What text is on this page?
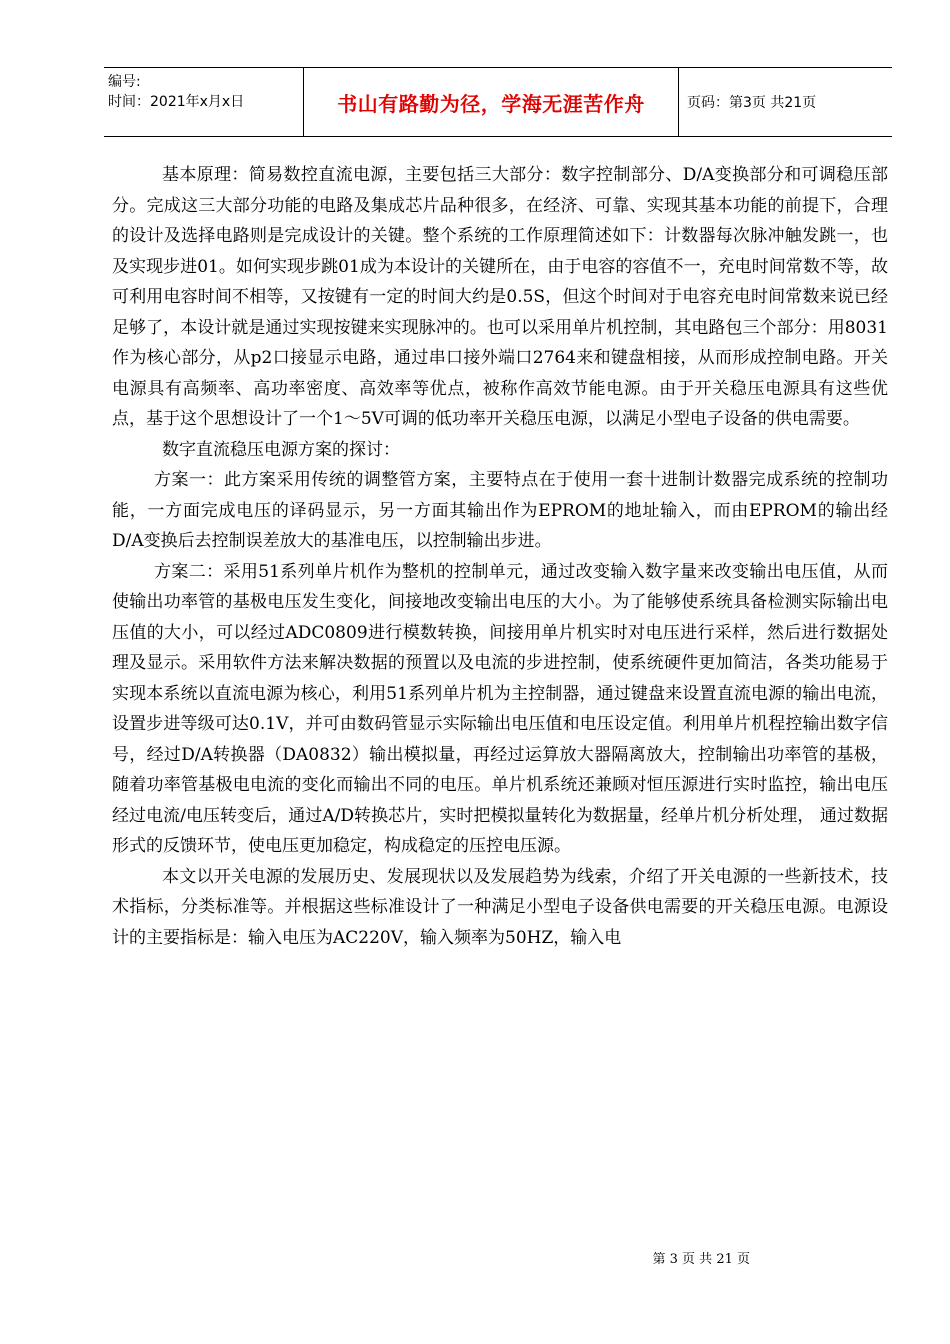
编号:
时间：2021年x月x日	书山有路勤为径，学海无涯苦作舟	页码：第3页 共21页

基本原理：简易数控直流电源，主要包括三大部分：数字控制部分、D/A变换部分和可调稳压部分。完成这三大部分功能的电路及集成芯片品种很多，在经济、可靠、实现其基本功能的前提下，合理的设计及选择电路则是完成设计的关键。整个系统的工作原理简述如下：计数器每次脉冲触发跳一，也及实现步进01。如何实现步跳01成为本设计的关键所在，由于电容的容值不一，充电时间常数不等，故可利用电容时间不相等，又按键有一定的时间大约是0.5S，但这个时间对于电容充电时间常数来说已经足够了，本设计就是通过实现按键来实现脉冲的。也可以采用单片机控制，其电路包三个部分：用8031作为核心部分，从p2口接显示电路，通过串口接外端口2764来和键盘相接，从而形成控制电路。开关电源具有高频率、高功率密度、高效率等优点，被称作高效节能电源。由于开关稳压电源具有这些优点，基于这个思想设计了一个1～5V可调的低功率开关稳压电源，以满足小型电子设备的供电需要。

数字直流稳压电源方案的探讨：

方案一：此方案采用传统的调整管方案，主要特点在于使用一套十进制计数器完成系统的控制功能，一方面完成电压的译码显示，另一方面其输出作为EPROM的地址输入，而由EPROM的输出经D/A变换后去控制误差放大的基准电压，以控制输出步进。

方案二：采用51系列单片机作为整机的控制单元，通过改变输入数字量来改变输出电压值，从而使输出功率管的基极电压发生变化，间接地改变输出电压的大小。为了能够使系统具备检测实际输出电压值的大小，可以经过ADC0809进行模数转换，间接用单片机实时对电压进行采样，然后进行数据处理及显示。采用软件方法来解决数据的预置以及电流的步进控制，使系统硬件更加简洁，各类功能易于实现本系统以直流电源为核心，利用51系列单片机为主控制器，通过键盘来设置直流电源的输出电流，设置步进等级可达0.1V，并可由数码管显示实际输出电压值和电压设定值。利用单片机程控输出数字信号，经过D/A转换器（DA0832）输出模拟量，再经过运算放大器隔离放大，控制输出功率管的基极，随着功率管基极电电流的变化而输出不同的电压。单片机系统还兼顾对恒压源进行实时监控，输出电压经过电流/电压转变后，通过A/D转换芯片，实时把模拟量转化为数据量，经单片机分析处理， 通过数据形式的反馈环节，使电压更加稳定，构成稳定的压控电压源。

本文以开关电源的发展历史、发展现状以及发展趋势为线索，介绍了开关电源的一些新技术，技术指标，分类标准等。并根据这些标准设计了一种满足小型电子设备供电需要的开关稳压电源。电源设计的主要指标是：输入电压为AC220V，输入频率为50HZ，输入电

第 3 页 共 21 页
